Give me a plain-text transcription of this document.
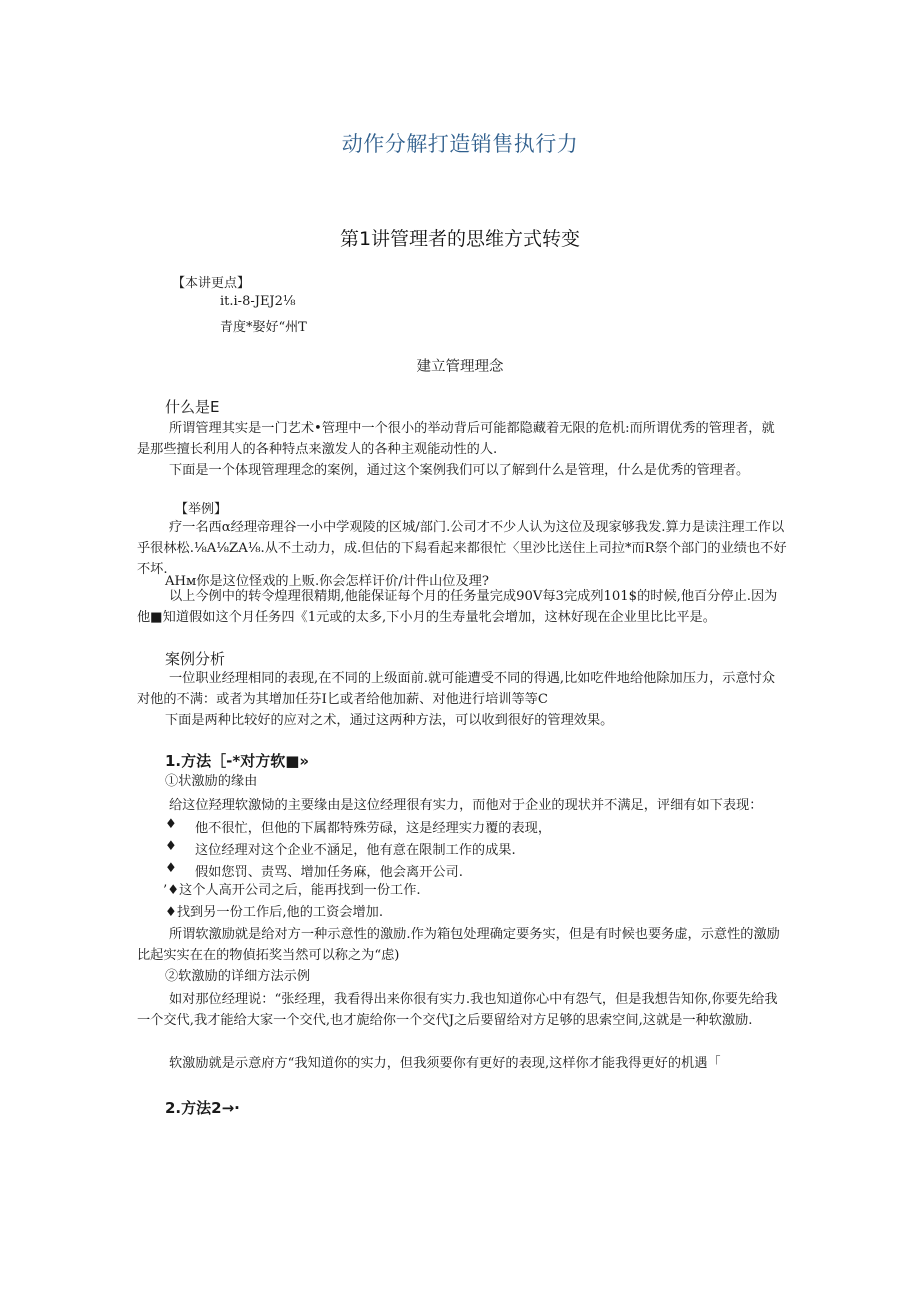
动作分解打造销售执行力
第1讲管理者的思维方式转变
【本讲更点】
it.i-8-JEJ2⅛
青度*娶好“州T
建立管理理念
什么是E
所谓管理其实是一门艺术•管理中一个很小的举动背后可能都隐藏着无限的危机:而所谓优秀的管理者，就是那些擅长利用人的各种特点来激发人的各种主观能动性的人.
下面是一个体现管理理念的案例，通过这个案例我们可以了解到什么是管理，什么是优秀的管理者。
【举例】
疗一名西α经理帝理谷一小中学观陵的区城/部门.公司才不少人认为这位及现家够我发.算力是读注理工作以乎很林松.⅛A⅛ZA⅛.从不土动力，成.但估的下舄看起来都很忙〈里沙比送住上司拉*而R祭个部门的业绩也不好不坏.
AHм你是这位怪戏的上贩.你会怎样讦价/计件山位及理?
以上今例中的转令煌理很精期,他能保证每个月的任务量完成90V每3完成列101$的时候,他百分停止.因为他■知道假如这个月任务四《1元或的太多,下小月的生寿量牝会增加，这林好现在企业里比比平是。
案例分析
一位职业经理相同的表现,在不同的上级面前.就可能遭受不同的得遇,比如吃件地给他除加压力，示意忖众对他的不满：或者为其增加任芬I匕或者给他加薪、对他进行培训等等C
下面是两种比较好的应对之术，通过这两种方法，可以收到很好的管理效果。
1.方法［-*对方软■»
①状激励的缘由
给这位羟理软激恸的主要缘由是这位经理很有实力，而他对于企业的现状并不满足，评细有如下表现：
♦ 他不很忙，但他的下属都特殊劳碌，这是经理实力覆的表现，
♦ 这位经理对这个企业不涵足，他有意在限制工作的成果.
♦ 假如您罚、责骂、增加任务麻，他会离开公司.
’♦这个人高开公司之后，能再找到一份工作.
♦找到另一份工作后,他的工资会增加.
所谓软激励就是给对方一种示意性的激励.作为箱包处理确定要务实，但是有时候也要务虚，示意性的激励比起实实在在的物偵拓奖当然可以称之为“虑)
②软激励的详细方法示例
如对那位经理说：“张经理，我看得出来你很有实力.我也知道你心中有怨气，但是我想告知你,你要先给我一个交代,我才能给大家一个交代,也才旎给你一个交代J之后要留给对方足够的思索空间,这就是一种软激励.
软激励就是示意府方“我知道你的实力，但我须要你有更好的表现,这样你才能我得更好的机遇「
2.方法2→·
